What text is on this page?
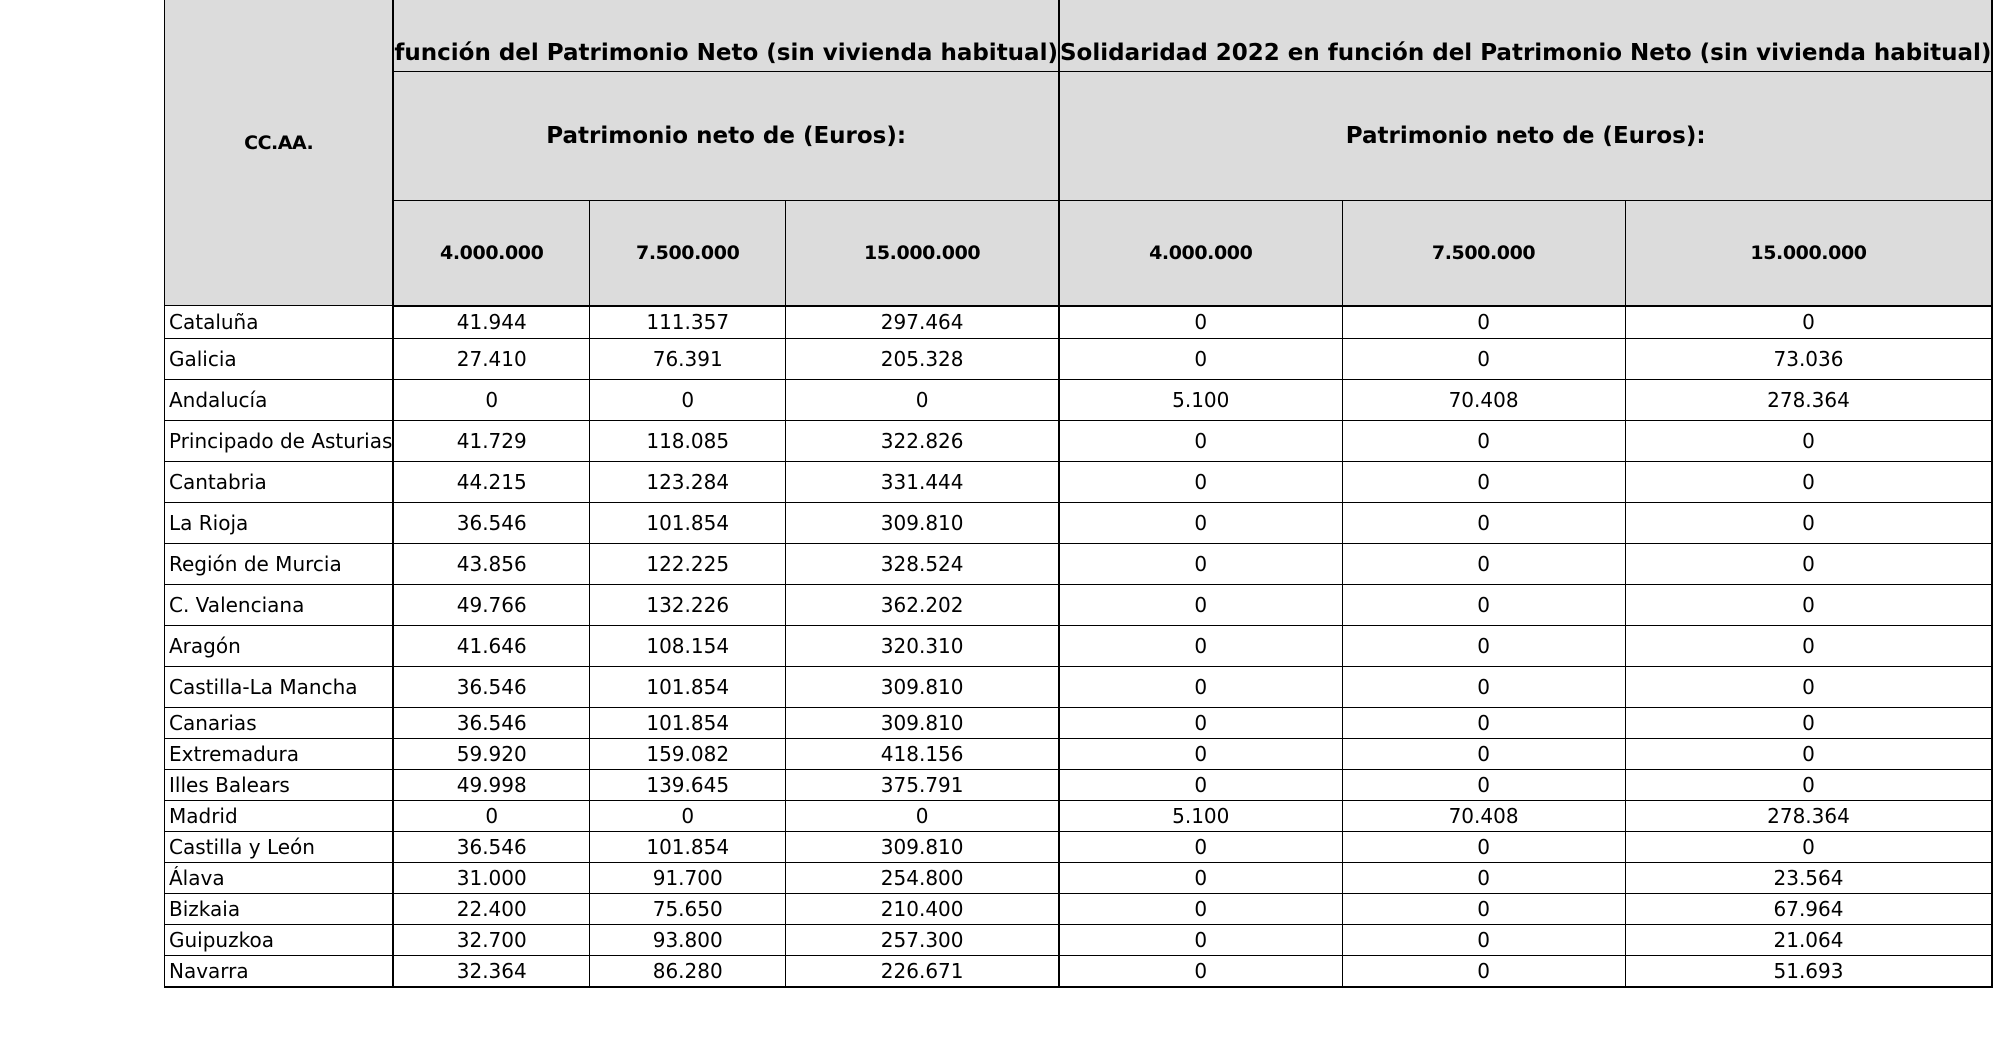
CC.AA.	función del Patrimonio Neto (sin vivienda habitual)			Solidaridad 2022 en función del Patrimonio Neto (sin vivienda habitual)		
	Patrimonio neto de (Euros):			Patrimonio neto de (Euros):		
	4.000.000	7.500.000	15.000.000	4.000.000	7.500.000	15.000.000
Cataluña	41.944	111.357	297.464	0	0	0
Galicia	27.410	76.391	205.328	0	0	73.036
Andalucía	0	0	0	5.100	70.408	278.364
Principado de Asturias	41.729	118.085	322.826	0	0	0
Cantabria	44.215	123.284	331.444	0	0	0
La Rioja	36.546	101.854	309.810	0	0	0
Región de Murcia	43.856	122.225	328.524	0	0	0
C. Valenciana	49.766	132.226	362.202	0	0	0
Aragón	41.646	108.154	320.310	0	0	0
Castilla-La Mancha	36.546	101.854	309.810	0	0	0
Canarias	36.546	101.854	309.810	0	0	0
Extremadura	59.920	159.082	418.156	0	0	0
Illes Balears	49.998	139.645	375.791	0	0	0
Madrid	0	0	0	5.100	70.408	278.364
Castilla y León	36.546	101.854	309.810	0	0	0
Álava	31.000	91.700	254.800	0	0	23.564
Bizkaia	22.400	75.650	210.400	0	0	67.964
Guipuzkoa	32.700	93.800	257.300	0	0	21.064
Navarra	32.364	86.280	226.671	0	0	51.693
